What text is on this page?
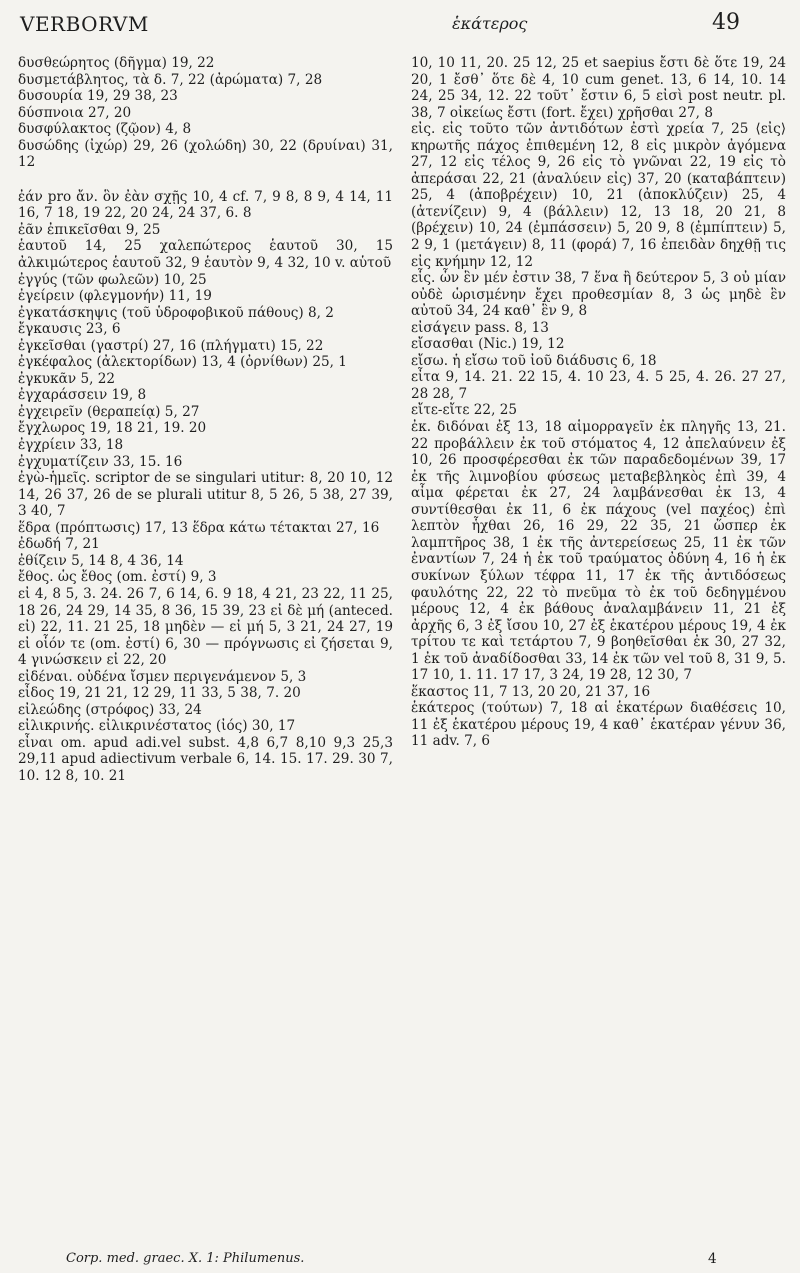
VERBORVM	ἑκάτερος	49

δυσθεώρητος (δῆγμα) 19, 22

δυσμετάβλητος, τὰ δ. 7, 22 (ἀρώματα) 7, 28

δυσουρία 19, 29 38, 23

δύσπνοια 27, 20

δυσφύλακτος (ζῷον) 4, 8

δυσώδης (ἰχώρ) 29, 26 (χολώδη) 30, 22 (δρυίναι) 31, 12

ἐάν pro ἄν. ὃν ἐὰν σχῇς 10, 4 cf. 7, 9 8, 8 9, 4 14, 11 16, 7 18, 19 22, 20 24, 24 37, 6. 8

ἐᾶν ἐπικεῖσθαι 9, 25

ἑαυτοῦ 14, 25 χαλεπώτερος ἑαυτοῦ 30, 15 ἀλκιμώτερος ἑαυτοῦ 32, 9 ἑαυτὸν 9, 4 32, 10 v. αὑτοῦ

ἐγγύς (τῶν φωλεῶν) 10, 25

ἐγείρειν (φλεγμονήν) 11, 19

ἐγκατάσκηψις (τοῦ ὑδροφοβικοῦ πάθους) 8, 2

ἔγκαυσις 23, 6

ἐγκεῖσθαι (γαστρί) 27, 16 (πλήγματι) 15, 22

ἐγκέφαλος (ἀλεκτορίδων) 13, 4 (ὀρνίθων) 25, 1

ἐγκυκᾶν 5, 22

ἐγχαράσσειν 19, 8

ἐγχειρεῖν (θεραπείᾳ) 5, 27

ἔγχλωρος 19, 18 21, 19. 20

ἐγχρίειν 33, 18

ἐγχυματίζειν 33, 15. 16

ἐγὼ-ἡμεῖς. scriptor de se singulari utitur: 8, 20 10, 12 14, 26 37, 26 de se plurali utitur 8, 5 26, 5 38, 27 39, 3 40, 7

ἕδρα (πρόπτωσις) 17, 13 ἕδρα κάτω τέτακται 27, 16

ἐδωδή 7, 21

ἐθίζειν 5, 14 8, 4 36, 14

ἔθος. ὡς ἔθος (om. ἐστί) 9, 3

εἰ 4, 8 5, 3. 24. 26 7, 6 14, 6. 9 18, 4 21, 23 22, 11 25, 18 26, 24 29, 14 35, 8 36, 15 39, 23 εἰ δὲ μή (anteced. εἰ) 22, 11. 21 25, 18 μηδὲν — εἰ μή 5, 3 21, 24 27, 19 εἰ οἷόν τε (om. ἐστί) 6, 30 — πρόγνωσις εἰ ζήσεται 9, 4 γινώσκειν εἰ 22, 20

εἰδέναι. οὐδένα ἴσμεν περιγενάμενον 5, 3

εἶδος 19, 21 21, 12 29, 11 33, 5 38, 7. 20

εἰλεώδης (στρόφος) 33, 24

εἰλικρινής. εἰλικρινέστατος (ἰός) 30, 17

εἶναι om. apud adi.vel subst. 4,8 6,7 8,10 9,3 25,3 29,11 apud adiectivum verbale 6, 14. 15. 17. 29. 30 7, 10. 12 8, 10. 21

10, 10 11, 20. 25 12, 25 et saepius ἔστι δὲ ὅτε 19, 24 20, 1 ἔσθ᾿ ὅτε δὲ 4, 10 cum genet. 13, 6 14, 10. 14 24, 25 34, 12. 22 τοῦτ᾿ ἔστιν 6, 5 εἰσὶ post neutr. pl. 38, 7 οἰκείως ἔστι (fort. ἔχει) χρῆσθαι 27, 8

εἰς. εἰς τοῦτο τῶν ἀντιδότων ἐστὶ χρεία 7, 25 ⟨εἰς⟩ κηρωτῆς πάχος ἐπιθεμένη 12, 8 εἰς μικρὸν ἀγόμενα 27, 12 εἰς τέλος 9, 26 εἰς τὸ γνῶναι 22, 19 εἰς τὸ ἀπεράσαι 22, 21 (ἀναλύειν εἰς) 37, 20 (καταβάπτειν) 25, 4 (ἀποβρέχειν) 10, 21 (ἀποκλύζειν) 25, 4 (ἀτενίζειν) 9, 4 (βάλλειν) 12, 13 18, 20 21, 8 (βρέχειν) 10, 24 (ἐμπάσσειν) 5, 20 9, 8 (ἐμπίπτειν) 5, 2 9, 1 (μετάγειν) 8, 11 (φορά) 7, 16 ἐπειδὰν δηχθῇ τις εἰς κνήμην 12, 12

εἷς. ὧν ἓν μέν ἐστιν 38, 7 ἕνα ἢ δεύτερον 5, 3 οὐ μίαν οὐδὲ ὡρισμένην ἔχει προθεσμίαν 8, 3 ὡς μηδὲ ἓν αὐτοῦ 34, 24 καθ᾿ ἓν 9, 8

εἰσάγειν pass. 8, 13

εἴσασθαι (Nic.) 19, 12

εἴσω. ἡ εἴσω τοῦ ἰοῦ διάδυσις 6, 18

εἶτα 9, 14. 21. 22 15, 4. 10 23, 4. 5 25, 4. 26. 27 27, 28 28, 7

εἴτε-εἴτε 22, 25

ἐκ. διδόναι ἐξ 13, 18 αἱμορραγεῖν ἐκ πληγῆς 13, 21. 22 προβάλλειν ἐκ τοῦ στόματος 4, 12 ἀπελαύνειν ἐξ 10, 26 προσφέρεσθαι ἐκ τῶν παραδεδομένων 39, 17 ἐκ τῆς λιμνοβίου φύσεως μεταβεβληκὸς ἐπὶ 39, 4 αἷμα φέρεται ἐκ 27, 24 λαμβάνεσθαι ἐκ 13, 4 συντίθεσθαι ἐκ 11, 6 ἐκ πάχους (vel παχέος) ἐπὶ λεπτὸν ἧχθαι 26, 16 29, 22 35, 21 ὥσπερ ἐκ λαμπτῆρος 38, 1 ἐκ τῆς ἀντερείσεως 25, 11 ἐκ τῶν ἐναντίων 7, 24 ἡ ἐκ τοῦ τραύματος ὀδύνη 4, 16 ἡ ἐκ συκίνων ξύλων τέφρα 11, 17 ἐκ τῆς ἀντιδόσεως φαυλότης 22, 22 τὸ πνεῦμα τὸ ἐκ τοῦ δεδηγμένου μέρους 12, 4 ἐκ βάθους ἀναλαμβάνειν 11, 21 ἐξ ἀρχῆς 6, 3 ἐξ ἴσου 10, 27 ἐξ ἑκατέρου μέρους 19, 4 ἐκ τρίτου τε καὶ τετάρτου 7, 9 βοηθεῖσθαι ἐκ 30, 27 32, 1 ἐκ τοῦ ἀναδίδοσθαι 33, 14 ἐκ τῶν vel τοῦ 8, 31 9, 5. 17 10, 1. 11. 17 17, 3 24, 19 28, 12 30, 7

ἕκαστος 11, 7 13, 20 20, 21 37, 16

ἑκάτερος (τούτων) 7, 18 αἱ ἑκατέρων διαθέσεις 10, 11 ἐξ ἑκατέρου μέρους 19, 4 καθ᾿ ἑκατέραν γένυν 36, 11 adv. 7, 6

Corp. med. graec. X. 1: Philumenus.	4
